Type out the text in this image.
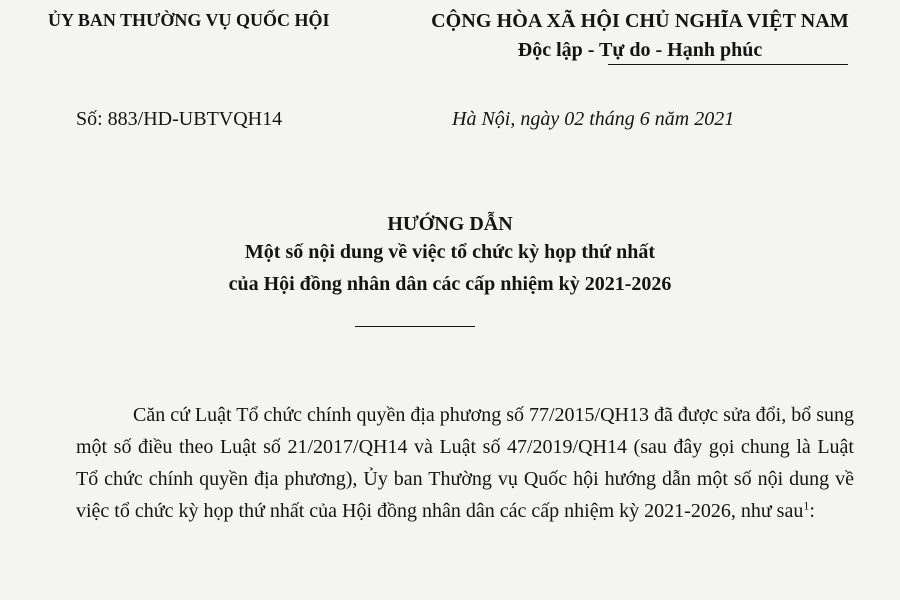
ỦY BAN THƯỜNG VỤ QUỐC HỘI	CỘNG HÒA XÃ HỘI CHỦ NGHĨA VIỆT NAM
Độc lập - Tự do - Hạnh phúc
Số: 883/HD-UBTVQH14	Hà Nội, ngày 02 tháng 6 năm 2021
HƯỚNG DẪN
Một số nội dung về việc tổ chức kỳ họp thứ nhất
của Hội đồng nhân dân các cấp nhiệm kỳ 2021-2026
Căn cứ Luật Tổ chức chính quyền địa phương số 77/2015/QH13 đã được sửa đổi, bổ sung một số điều theo Luật số 21/2017/QH14 và Luật số 47/2019/QH14 (sau đây gọi chung là Luật Tổ chức chính quyền địa phương), Ủy ban Thường vụ Quốc hội hướng dẫn một số nội dung về việc tổ chức kỳ họp thứ nhất của Hội đồng nhân dân các cấp nhiệm kỳ 2021-2026, như sau$^1$:
